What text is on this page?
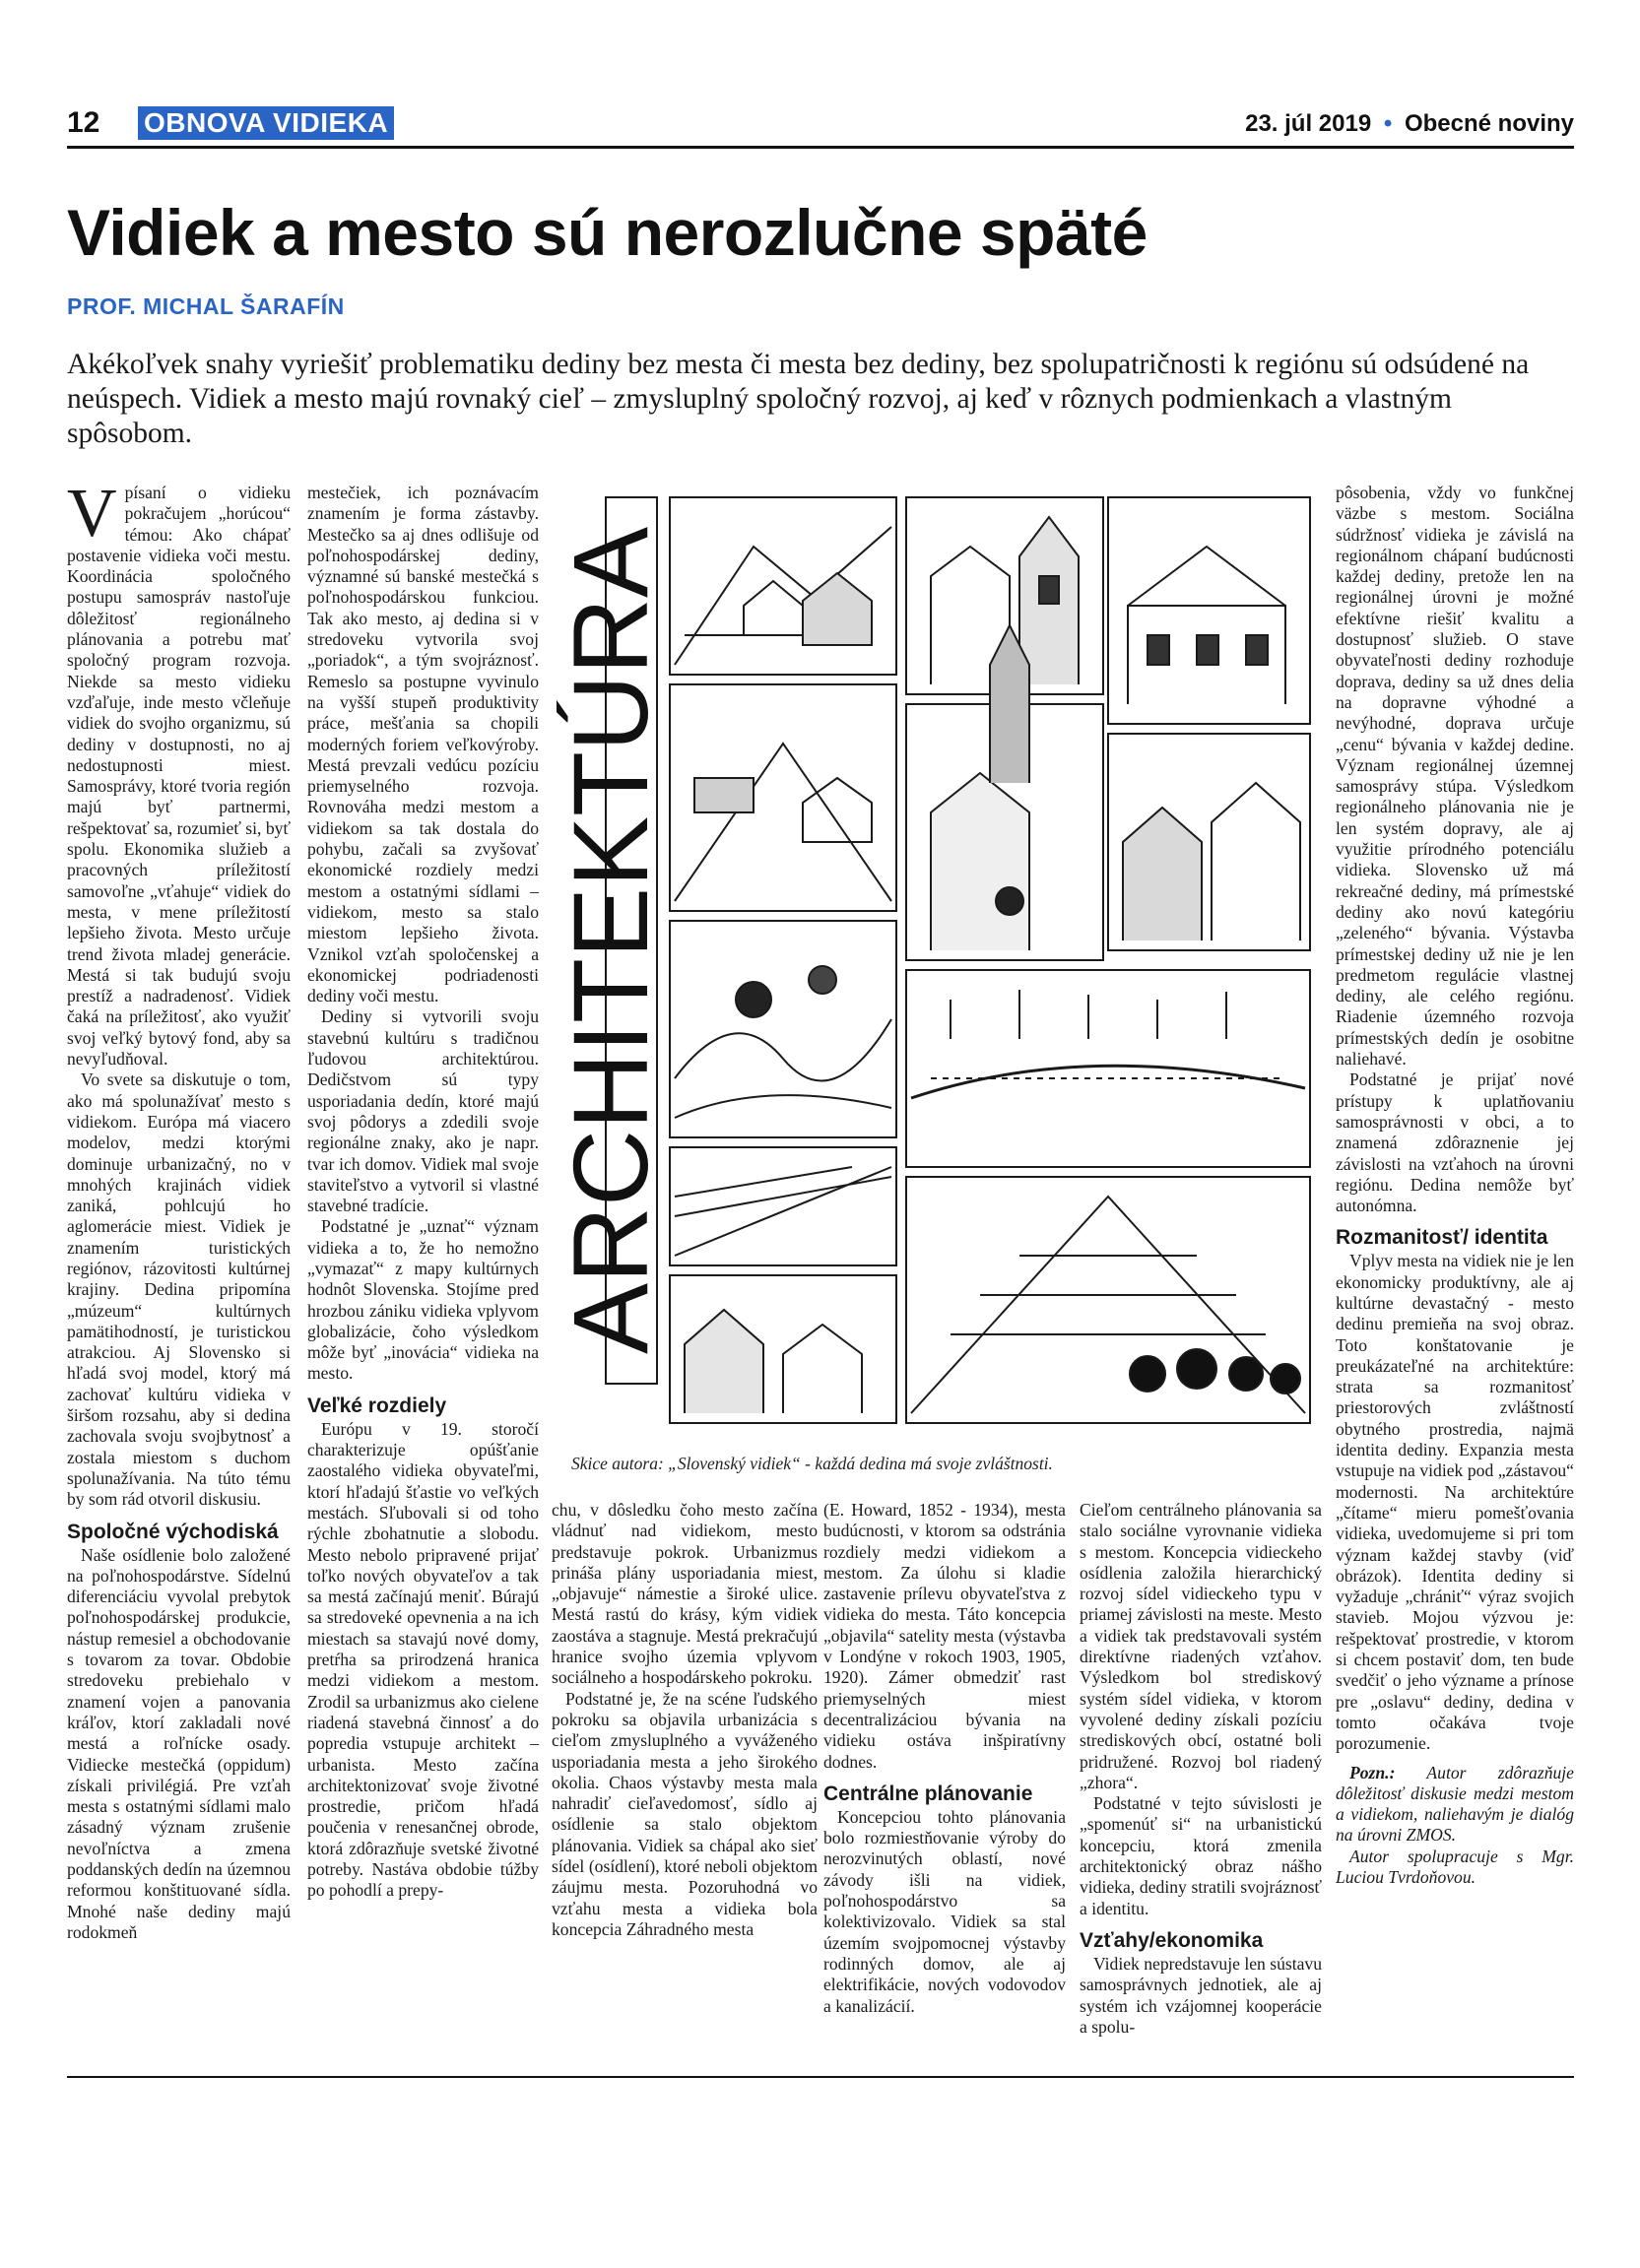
12 OBNOVA VIDIEKA	23. júl 2019 • Obecné noviny
Vidiek a mesto sú nerozlučne späté
PROF. MICHAL ŠARAFÍN

Akékoľvek snahy vyriešiť problematiku dediny bez mesta či mesta bez dediny, bez spolupatričnosti k regiónu sú odsúdené na neúspech. Vidiek a mesto majú rovnaký cieľ – zmysluplný spoločný rozvoj, aj keď v rôznych podmienkach a vlastným spôsobom.

Vpísaní o vidieku pokračujem „horúcou“ témou: Ako chápať postavenie vidieka voči mestu. Koordinácia spoločného postupu samospráv nastoľuje dôležitosť regionálneho plánovania a potrebu mať spoločný program rozvoja. Niekde sa mesto vidieku vzďaľuje, inde mesto včleňuje vidiek do svojho organizmu, sú dediny v dostupnosti, no aj nedostupnosti miest. Samosprávy, ktoré tvoria región majú byť partnermi, rešpektovať sa, rozumieť si, byť spolu. Ekonomika služieb a pracovných príležitostí samovoľne „vťahuje“ vidiek do mesta, v mene príležitostí lepšieho života. Mesto určuje trend života mladej generácie. Mestá si tak budujú svoju prestíž a nadradenosť. Vidiek čaká na príležitosť, ako využiť svoj veľký bytový fond, aby sa nevyľudňoval.

Vo svete sa diskutuje o tom, ako má spolunažívať mesto s vidiekom. Európa má viacero modelov, medzi ktorými dominuje urbanizačný, no v mnohých krajinách vidiek zaniká, pohlcujú ho aglomerácie miest. Vidiek je znamením turistických regiónov, rázovitosti kultúrnej krajiny. Dedina pripomína „múzeum“ kultúrnych pamätihodností, je turistickou atrakciou. Aj Slovensko si hľadá svoj model, ktorý má zachovať kultúru vidieka v širšom rozsahu, aby si dedina zachovala svoju svojbytnosť a zostala miestom s duchom spolunažívania. Na túto tému by som rád otvoril diskusiu.

Spoločné východiská

Naše osídlenie bolo založené na poľnohospodárstve. Sídelnú diferenciáciu vyvolal prebytok poľnohospodárskej produkcie, nástup remesiel a obchodovanie s tovarom za tovar. Obdobie stredoveku prebiehalo v znamení vojen a panovania kráľov, ktorí zakladali nové mestá a roľnícke osady. Vidiecke mestečká (oppidum) získali privilégiá. Pre vzťah mesta s ostatnými sídlami malo zásadný význam zrušenie nevoľníctva a zmena poddanských dedín na územnou reformou konštituované sídla. Mnohé naše dediny majú rodokmeň

mestečiek, ich poznávacím znamením je forma zástavby. Mestečko sa aj dnes odlišuje od poľnohospodárskej dediny, významné sú banské mestečká s poľnohospodárskou funkciou. Tak ako mesto, aj dedina si v stredoveku vytvorila svoj „poriadok“, a tým svojráznosť. Remeslo sa postupne vyvinulo na vyšší stupeň produktivity práce, mešťania sa chopili moderných foriem veľkovýroby. Mestá prevzali vedúcu pozíciu priemyselného rozvoja. Rovnováha medzi mestom a vidiekom sa tak dostala do pohybu, začali sa zvyšovať ekonomické rozdiely medzi mestom a ostatnými sídlami – vidiekom, mesto sa stalo miestom lepšieho života. Vznikol vzťah spoločenskej a ekonomickej podriadenosti dediny voči mestu.

Dediny si vytvorili svoju stavebnú kultúru s tradičnou ľudovou architektúrou. Dedičstvom sú typy usporiadania dedín, ktoré majú svoj pôdorys a zdedili svoje regionálne znaky, ako je napr. tvar ich domov. Vidiek mal svoje staviteľstvo a vytvoril si vlastné stavebné tradície.

Podstatné je „uznať“ význam vidieka a to, že ho nemožno „vymazať“ z mapy kultúrnych hodnôt Slovenska. Stojíme pred hrozbou zániku vidieka vplyvom globalizácie, čoho výsledkom môže byť „inovácia“ vidieka na mesto.

Veľké rozdiely

Európu v 19. storočí charakterizuje opúšťanie zaostalého vidieka obyvateľmi, ktorí hľadajú šťastie vo veľkých mestách. Sľubovali si od toho rýchle zbohatnutie a slobodu. Mesto nebolo pripravené prijať toľko nových obyvateľov a tak sa mestá začínajú meniť. Búrajú sa stredoveké opevnenia a na ich miestach sa stavajú nové domy, pretŕha sa prirodzená hranica medzi vidiekom a mestom. Zrodil sa urbanizmus ako cielene riadená stavebná činnosť a do popredia vstupuje architekt – urbanista. Mesto začína architektonizovať svoje životné prostredie, pričom hľadá poučenia v renesančnej obrode, ktorá zdôrazňuje svetské životné potreby. Nastáva obdobie túžby po pohodlí a prepy-

ARCHITEKTÚRA
Skice autora: „Slovenský vidiek“ - každá dedina má svoje zvláštnosti.

chu, v dôsledku čoho mesto začína vládnuť nad vidiekom, mesto predstavuje pokrok. Urbanizmus prináša plány usporiadania miest, „objavuje“ námestie a široké ulice. Mestá rastú do krásy, kým vidiek zaostáva a stagnuje. Mestá prekračujú hranice svojho územia vplyvom sociálneho a hospodárskeho pokroku.

Podstatné je, že na scéne ľudského pokroku sa objavila urbanizácia s cieľom zmysluplného a vyváženého usporiadania mesta a jeho širokého okolia. Chaos výstavby mesta mala nahradiť cieľavedomosť, sídlo aj osídlenie sa stalo objektom plánovania. Vidiek sa chápal ako sieť sídel (osídlení), ktoré neboli objektom záujmu mesta. Pozoruhodná vo vzťahu mesta a vidieka bola koncepcia Záhradného mesta

(E. Howard, 1852 - 1934), mesta budúcnosti, v ktorom sa odstránia rozdiely medzi vidiekom a mestom. Za úlohu si kladie zastavenie prílevu obyvateľstva z vidieka do mesta. Táto koncepcia „objavila“ satelity mesta (výstavba v Londýne v rokoch 1903, 1905, 1920). Zámer obmedziť rast priemyselných miest decentralizáciou bývania na vidieku ostáva inšpiratívny dodnes.

Centrálne plánovanie

Koncepciou tohto plánovania bolo rozmiestňovanie výroby do nerozvinutých oblastí, nové závody išli na vidiek, poľnohospodárstvo sa kolektivizovalo. Vidiek sa stal územím svojpomocnej výstavby rodinných domov, ale aj elektrifikácie, nových vodovodov a kanalizácií.

Cieľom centrálneho plánovania sa stalo sociálne vyrovnanie vidieka s mestom. Koncepcia vidieckeho osídlenia založila hierarchický rozvoj sídel vidieckeho typu v priamej závislosti na meste. Mesto a vidiek tak predstavovali systém direktívne riadených vzťahov. Výsledkom bol strediskový systém sídel vidieka, v ktorom vyvolené dediny získali pozíciu strediskových obcí, ostatné boli pridružené. Rozvoj bol riadený „zhora“.

Podstatné v tejto súvislosti je „spomenúť si“ na urbanistickú koncepciu, ktorá zmenila architektonický obraz nášho vidieka, dediny stratili svojráznosť a identitu.

Vzťahy/ekonomika

Vidiek nepredstavuje len sústavu samosprávnych jednotiek, ale aj systém ich vzájomnej kooperácie a spolu-

pôsobenia, vždy vo funkčnej väzbe s mestom. Sociálna súdržnosť vidieka je závislá na regionálnom chápaní budúcnosti každej dediny, pretože len na regionálnej úrovni je možné efektívne riešiť kvalitu a dostupnosť služieb. O stave obyvateľnosti dediny rozhoduje doprava, dediny sa už dnes delia na dopravne výhodné a nevýhodné, doprava určuje „cenu“ bývania v každej dedine. Význam regionálnej územnej samosprávy stúpa. Výsledkom regionálneho plánovania nie je len systém dopravy, ale aj využitie prírodného potenciálu vidieka. Slovensko už má rekreačné dediny, má prímestské dediny ako novú kategóriu „zeleného“ bývania. Výstavba prímestskej dediny už nie je len predmetom regulácie vlastnej dediny, ale celého regiónu. Riadenie územného rozvoja prímestských dedín je osobitne naliehavé.

Podstatné je prijať nové prístupy k uplatňovaniu samosprávnosti v obci, a to znamená zdôraznenie jej závislosti na vzťahoch na úrovni regiónu. Dedina nemôže byť autonómna.

Rozmanitosť/ identita

Vplyv mesta na vidiek nie je len ekonomicky produktívny, ale aj kultúrne devastačný - mesto dedinu premieňa na svoj obraz. Toto konštatovanie je preukázateľné na architektúre: strata sa rozmanitosť priestorových zvláštností obytného prostredia, najmä identita dediny. Expanzia mesta vstupuje na vidiek pod „zástavou“ modernosti. Na architektúre „čítame“ mieru pomešťovania vidieka, uvedomujeme si pri tom význam každej stavby (viď obrázok). Identita dediny si vyžaduje „chrániť“ výraz svojich stavieb. Mojou výzvou je: rešpektovať prostredie, v ktorom si chcem postaviť dom, ten bude svedčiť o jeho význame a prínose pre „oslavu“ dediny, dedina v tomto očakáva tvoje porozumenie.

Pozn.: Autor zdôrazňuje dôležitosť diskusie medzi mestom a vidiekom, naliehavým je dialóg na úrovni ZMOS.

Autor spolupracuje s Mgr. Luciou Tvrdoňovou.
